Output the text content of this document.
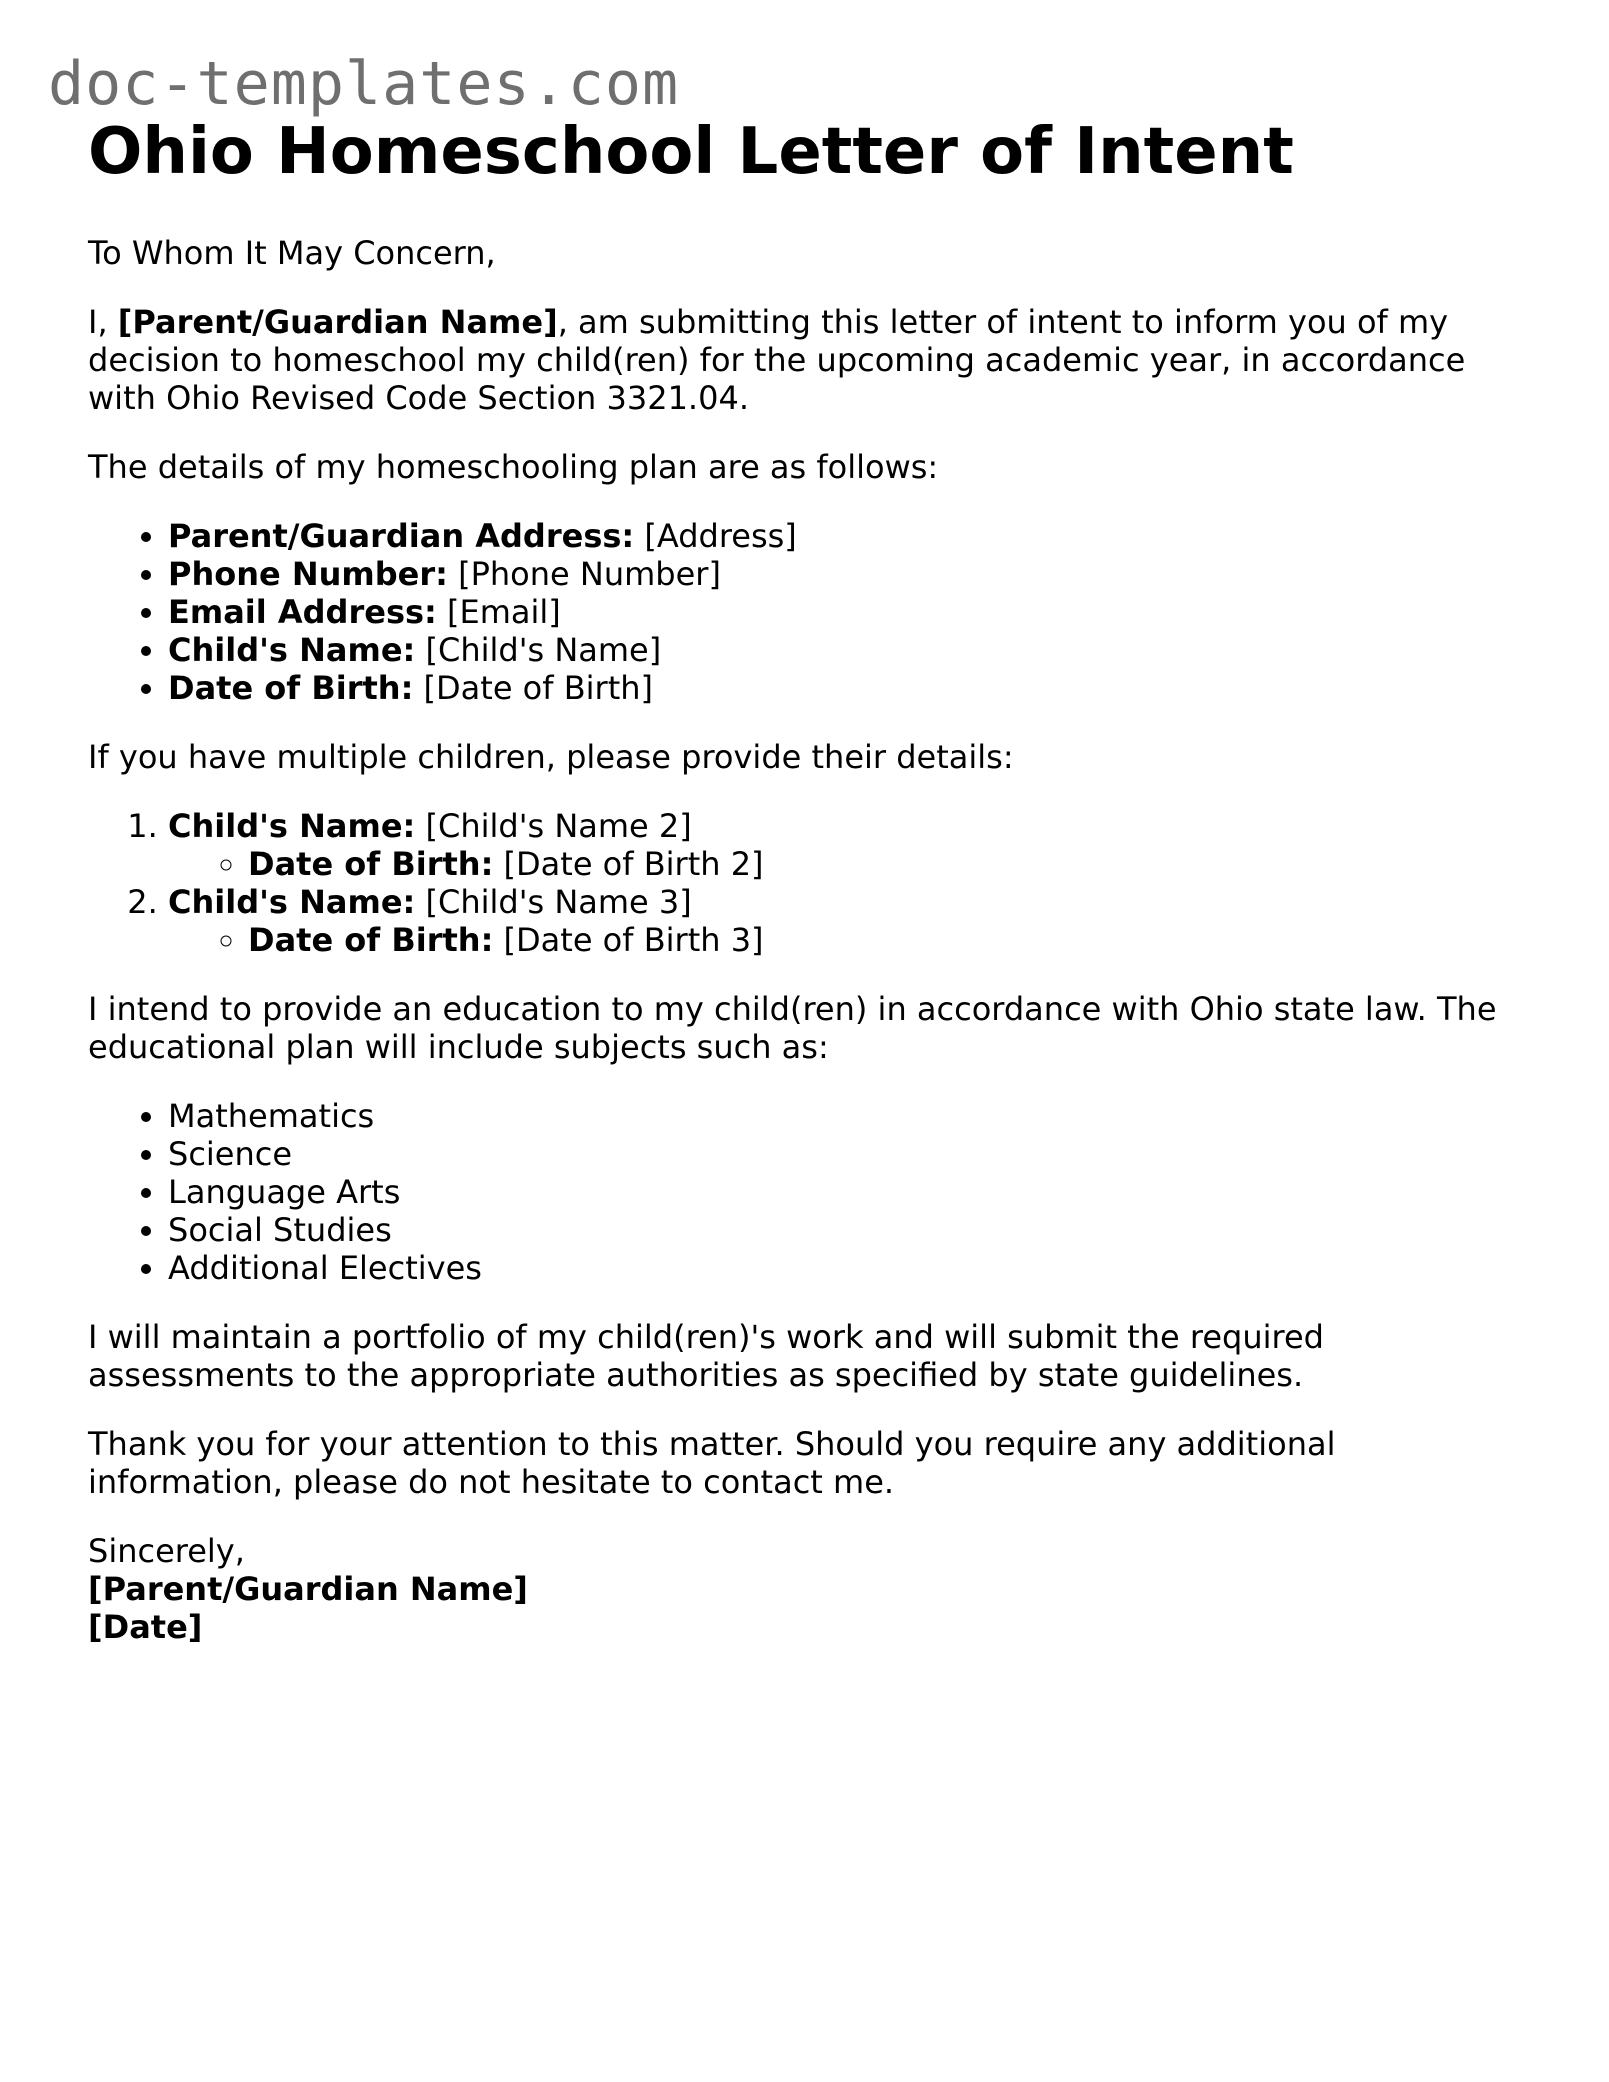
doc-templates.com
Ohio Homeschool Letter of Intent

To Whom It May Concern,

I, [Parent/Guardian Name], am submitting this letter of intent to inform you of my decision to homeschool my child(ren) for the upcoming academic year, in accordance with Ohio Revised Code Section 3321.04.

The details of my homeschooling plan are as follows:

• Parent/Guardian Address: [Address]
• Phone Number: [Phone Number]
• Email Address: [Email]
• Child's Name: [Child's Name]
• Date of Birth: [Date of Birth]

If you have multiple children, please provide their details:

1. Child's Name: [Child's Name 2]
◦ Date of Birth: [Date of Birth 2]
2. Child's Name: [Child's Name 3]
◦ Date of Birth: [Date of Birth 3]

I intend to provide an education to my child(ren) in accordance with Ohio state law. The educational plan will include subjects such as:

• Mathematics
• Science
• Language Arts
• Social Studies
• Additional Electives

I will maintain a portfolio of my child(ren)'s work and will submit the required assessments to the appropriate authorities as specified by state guidelines.

Thank you for your attention to this matter. Should you require any additional information, please do not hesitate to contact me.

Sincerely,
[Parent/Guardian Name]
[Date]
